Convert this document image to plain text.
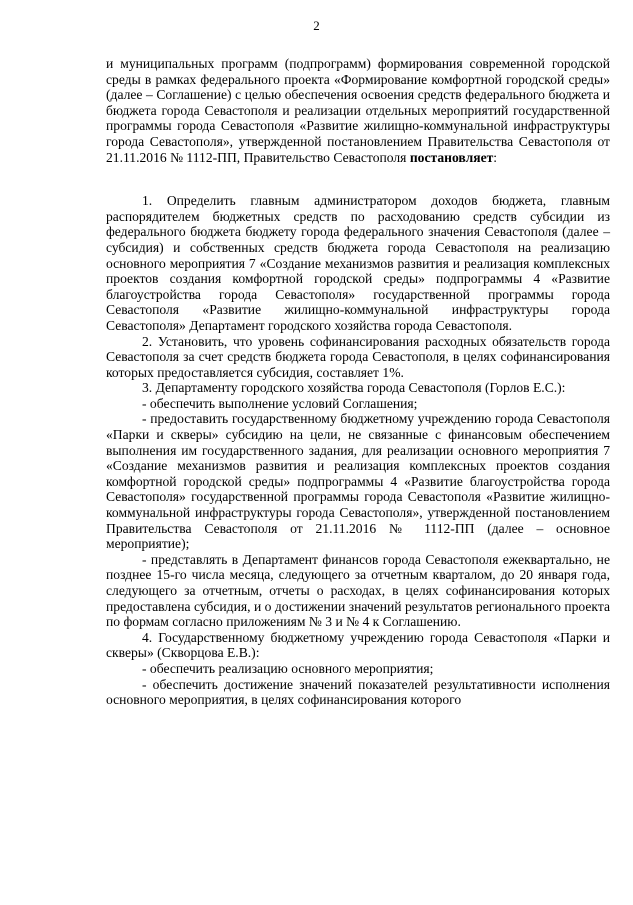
2

и муниципальных программ (подпрограмм) формирования современной городской среды в рамках федерального проекта «Формирование комфортной городской среды» (далее – Соглашение) с целью обеспечения освоения средств федерального бюджета и бюджета города Севастополя и реализации отдельных мероприятий государственной программы города Севастополя «Развитие жилищно-коммунальной инфраструктуры города Севастополя», утвержденной постановлением Правительства Севастополя от 21.11.2016 № 1112-ПП, Правительство Севастополя постановляет:

1. Определить главным администратором доходов бюджета, главным распорядителем бюджетных средств по расходованию средств субсидии из федерального бюджета бюджету города федерального значения Севастополя (далее – субсидия) и собственных средств бюджета города Севастополя на реализацию основного мероприятия 7 «Создание механизмов развития и реализация комплексных проектов создания комфортной городской среды» подпрограммы 4 «Развитие благоустройства города Севастополя» государственной программы города Севастополя «Развитие жилищно-коммунальной инфраструктуры города Севастополя» Департамент городского хозяйства города Севастополя.

2. Установить, что уровень софинансирования расходных обязательств города Севастополя за счет средств бюджета города Севастополя, в целях софинансирования которых предоставляется субсидия, составляет 1%.

3. Департаменту городского хозяйства города Севастополя (Горлов Е.С.):

- обеспечить выполнение условий Соглашения;

- предоставить государственному бюджетному учреждению города Севастополя «Парки и скверы» субсидию на цели, не связанные с финансовым обеспечением выполнения им государственного задания, для реализации основного мероприятия 7 «Создание механизмов развития и реализация комплексных проектов создания комфортной городской среды» подпрограммы 4 «Развитие благоустройства города Севастополя» государственной программы города Севастополя «Развитие жилищно-коммунальной инфраструктуры города Севастополя», утвержденной постановлением Правительства Севастополя от 21.11.2016 № 1112-ПП (далее – основное мероприятие);

- представлять в Департамент финансов города Севастополя ежеквартально, не позднее 15-го числа месяца, следующего за отчетным кварталом, до 20 января года, следующего за отчетным, отчеты о расходах, в целях софинансирования которых предоставлена субсидия, и о достижении значений результатов регионального проекта по формам согласно приложениям № 3 и № 4 к Соглашению.

4. Государственному бюджетному учреждению города Севастополя «Парки и скверы» (Скворцова Е.В.):

- обеспечить реализацию основного мероприятия;

- обеспечить достижение значений показателей результативности исполнения основного мероприятия, в целях софинансирования которого
